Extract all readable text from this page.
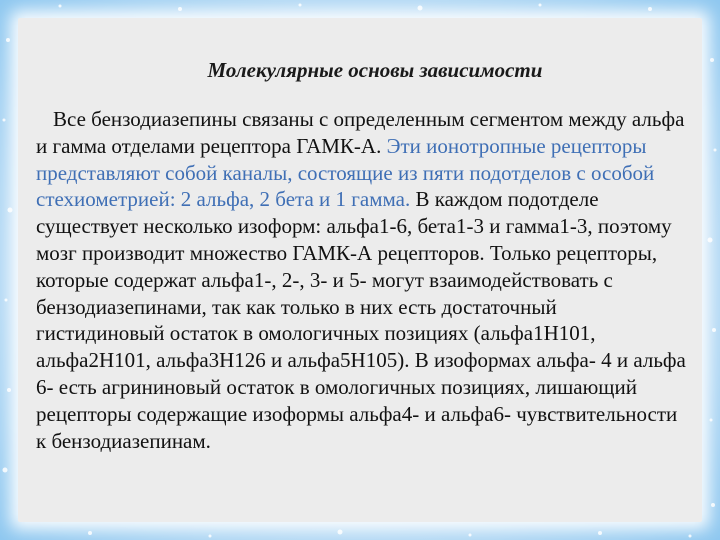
Молекулярные основы зависимости

Все бензодиазепины связаны с определенным сегментом между альфа и гамма отделами рецептора ГАМК-А. Эти ионотропные рецепторы представляют собой каналы, состоящие из пяти подотделов с особой стехиометрией: 2 альфа, 2 бета и 1 гамма. В каждом подотделе существует несколько изоформ: альфа1-6, бета1-3 и гамма1-3, поэтому мозг производит множество ГАМК-А рецепторов. Только рецепторы, которые содержат альфа1-, 2-, 3- и 5- могут взаимодействовать с бензодиазепинами, так как только в них есть достаточный гистидиновый остаток в омологичных позициях (альфа1Н101, альфа2Н101, альфа3Н126 и альфа5Н105). В изоформах альфа- 4 и альфа 6- есть агрининовый остаток в омологичных позициях, лишающий рецепторы содержащие изоформы альфа4- и альфа6- чувствительности к бензодиазепинам.
